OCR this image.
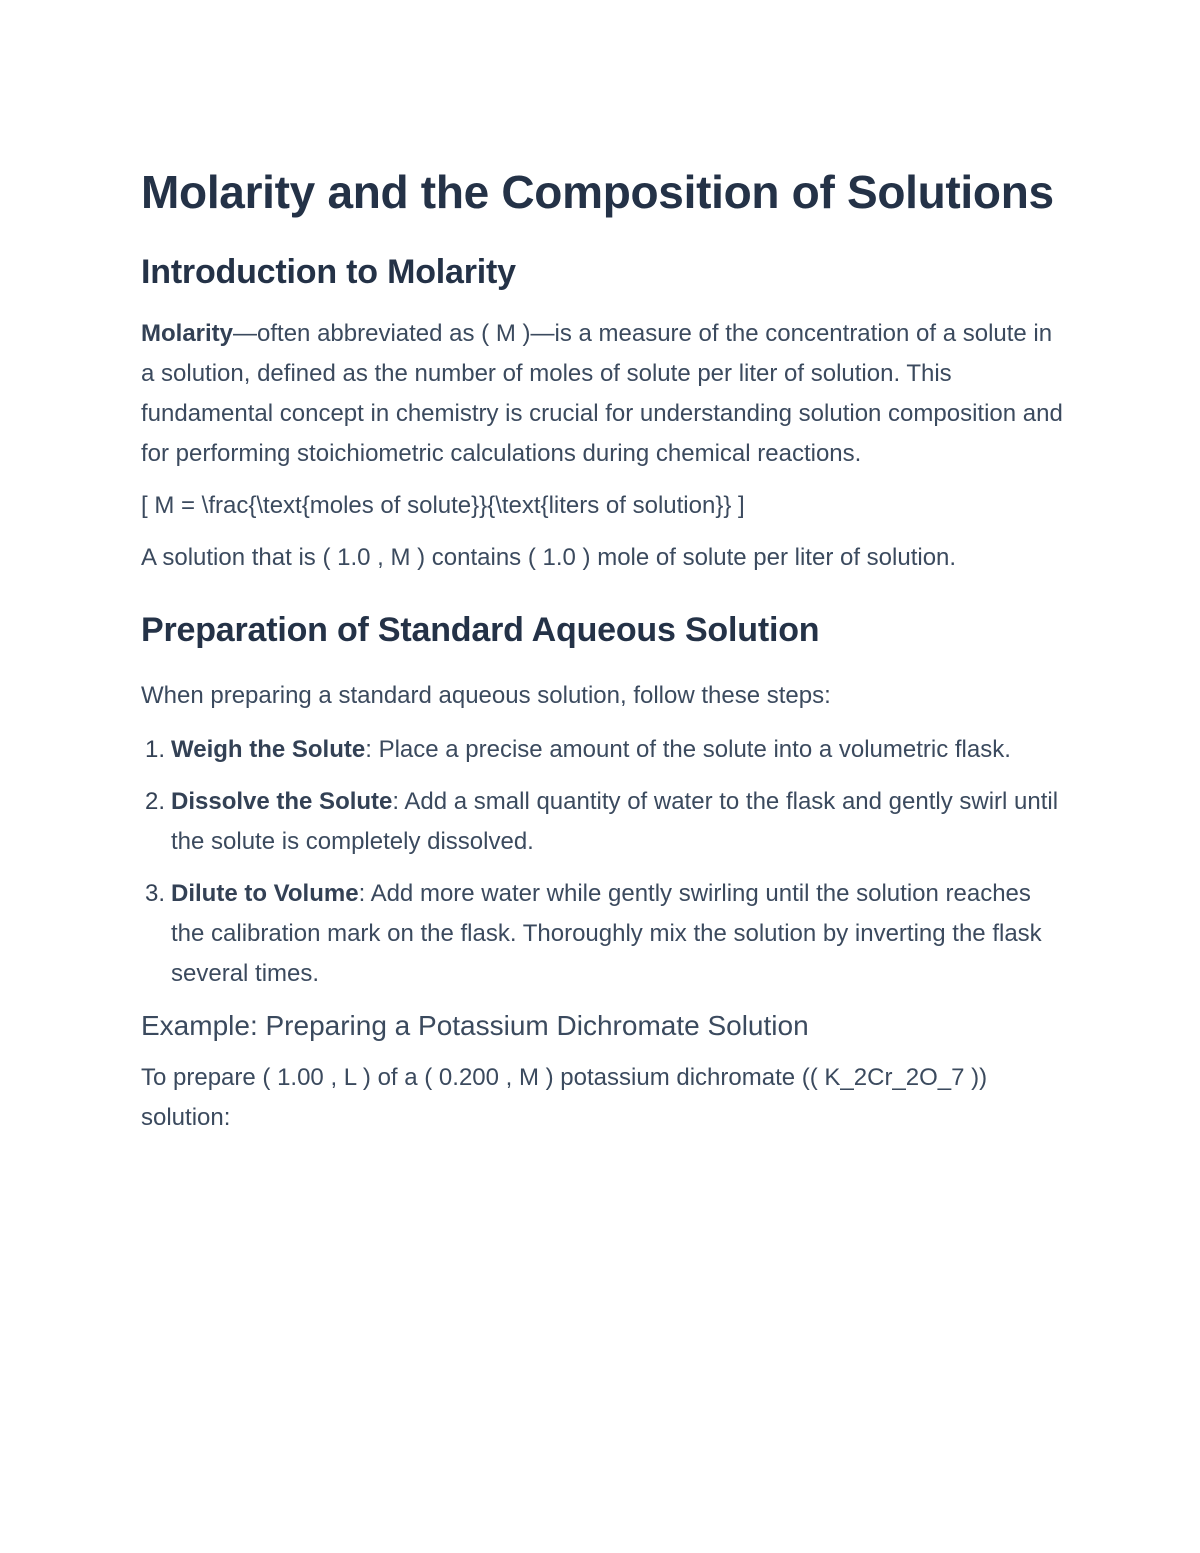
Molarity and the Composition of Solutions
Introduction to Molarity

Molarity—often abbreviated as ( M )—is a measure of the concentration of a solute in a solution, defined as the number of moles of solute per liter of solution. This fundamental concept in chemistry is crucial for understanding solution composition and for performing stoichiometric calculations during chemical reactions.

[ M = \frac{\text{moles of solute}}{\text{liters of solution}} ]

A solution that is ( 1.0 , M ) contains ( 1.0 ) mole of solute per liter of solution.

Preparation of Standard Aqueous Solution

When preparing a standard aqueous solution, follow these steps:

1. Weigh the Solute: Place a precise amount of the solute into a volumetric flask.
2. Dissolve the Solute: Add a small quantity of water to the flask and gently swirl until the solute is completely dissolved.
3. Dilute to Volume: Add more water while gently swirling until the solution reaches the calibration mark on the flask. Thoroughly mix the solution by inverting the flask several times.
Example: Preparing a Potassium Dichromate Solution

To prepare ( 1.00 , L ) of a ( 0.200 , M ) potassium dichromate (( K_2Cr_2O_7 )) solution:
